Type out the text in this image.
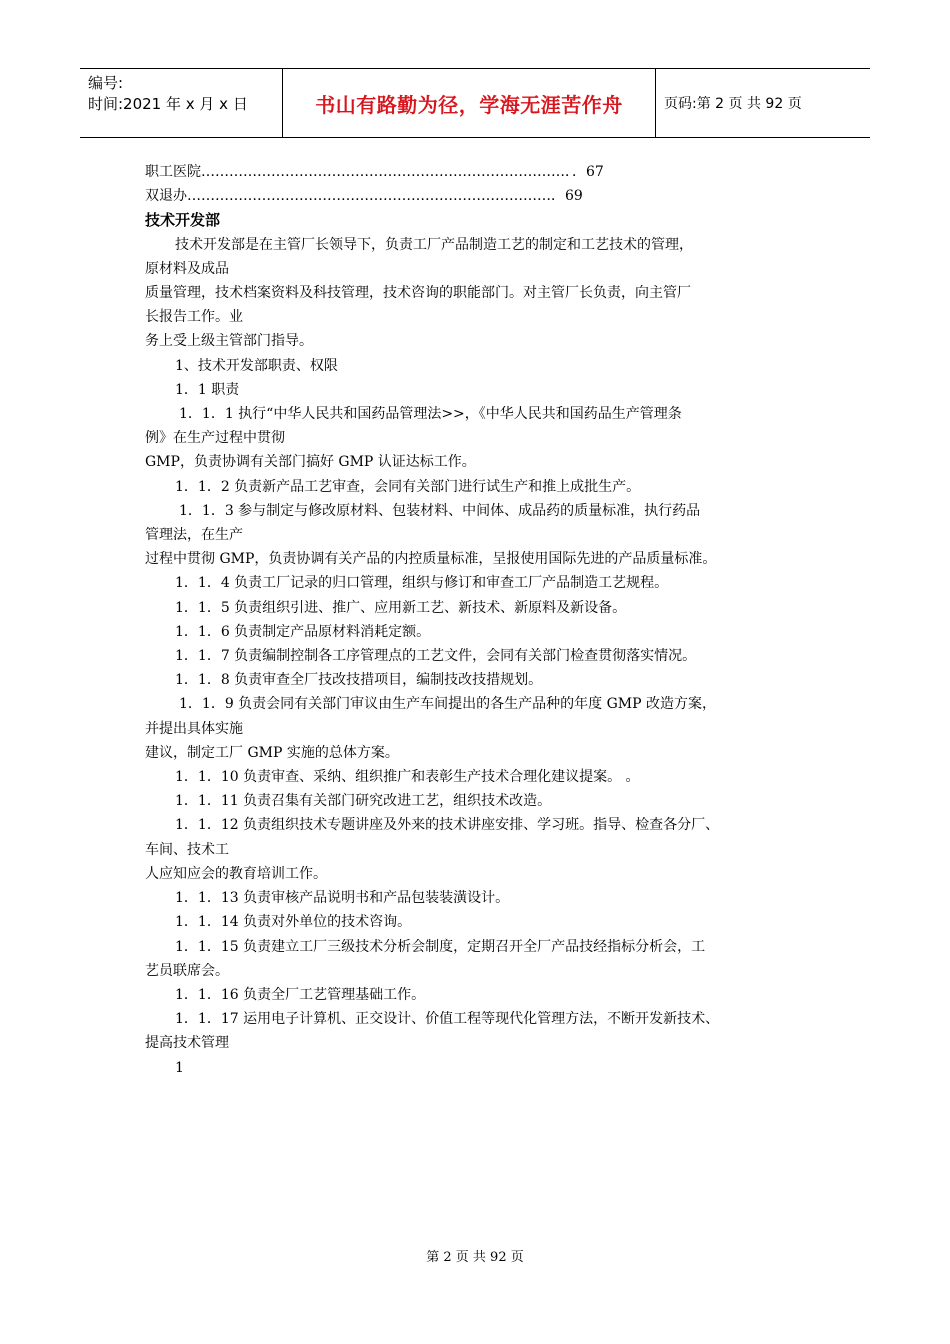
编号:
时间:2021 年 x 月 x 日	书山有路勤为径，学海无涯苦作舟	页码:第 2 页 共 92 页
职工医院……………………………………………………………………．．67
双退办……………………………………………………………………．69
技术开发部
技术开发部是在主管厂长领导下，负责工厂产品制造工艺的制定和工艺技术的管理，
原材料及成品
质量管理，技术档案资料及科技管理，技术咨询的职能部门。对主管厂长负责，向主管厂
长报告工作。业
务上受上级主管部门指导。
1、技术开发部职责、权限
1．1 职责
1．1．1 执行“中华人民共和国药品管理法>>，《中华人民共和国药品生产管理条
例》在生产过程中贯彻
GMP，负责协调有关部门搞好 GMP 认证达标工作。
1．1．2 负责新产品工艺审查，会同有关部门进行试生产和推上成批生产。
1．1．3 参与制定与修改原材料、包装材料、中间体、成品药的质量标准，执行药品
管理法，在生产
过程中贯彻 GMP，负责协调有关产品的内控质量标准，呈报使用国际先进的产品质量标准。
1．1．4 负责工厂记录的归口管理，组织与修订和审查工厂产品制造工艺规程。
1．1．5 负责组织引进、推广、应用新工艺、新技术、新原料及新设备。
1．1．6 负责制定产品原材料消耗定额。
1．1．7 负责编制控制各工序管理点的工艺文件，会同有关部门检查贯彻落实情况。
1．1．8 负责审查全厂技改技措项目，编制技改技措规划。
1．1．9 负责会同有关部门审议由生产车间提出的各生产品种的年度 GMP 改造方案，
并提出具体实施
建议，制定工厂 GMP 实施的总体方案。
1．1．10 负责审查、采纳、组织推广和表彰生产技术合理化建议提案。 。
1．1．11 负责召集有关部门研究改进工艺，组织技术改造。
1．1．12 负责组织技术专题讲座及外来的技术讲座安排、学习班。指导、检查各分厂、
车间、技术工
人应知应会的教育培训工作。
1．1．13 负责审核产品说明书和产品包装装潢设计。
1．1．14 负责对外单位的技术咨询。
1．1．15 负责建立工厂三级技术分析会制度，定期召开全厂产品技经指标分析会，工
艺员联席会。
1．1．16 负责全厂工艺管理基础工作。
1．1．17 运用电子计算机、正交设计、价值工程等现代化管理方法，不断开发新技术、
提高技术管理
1
第 2 页 共 92 页
